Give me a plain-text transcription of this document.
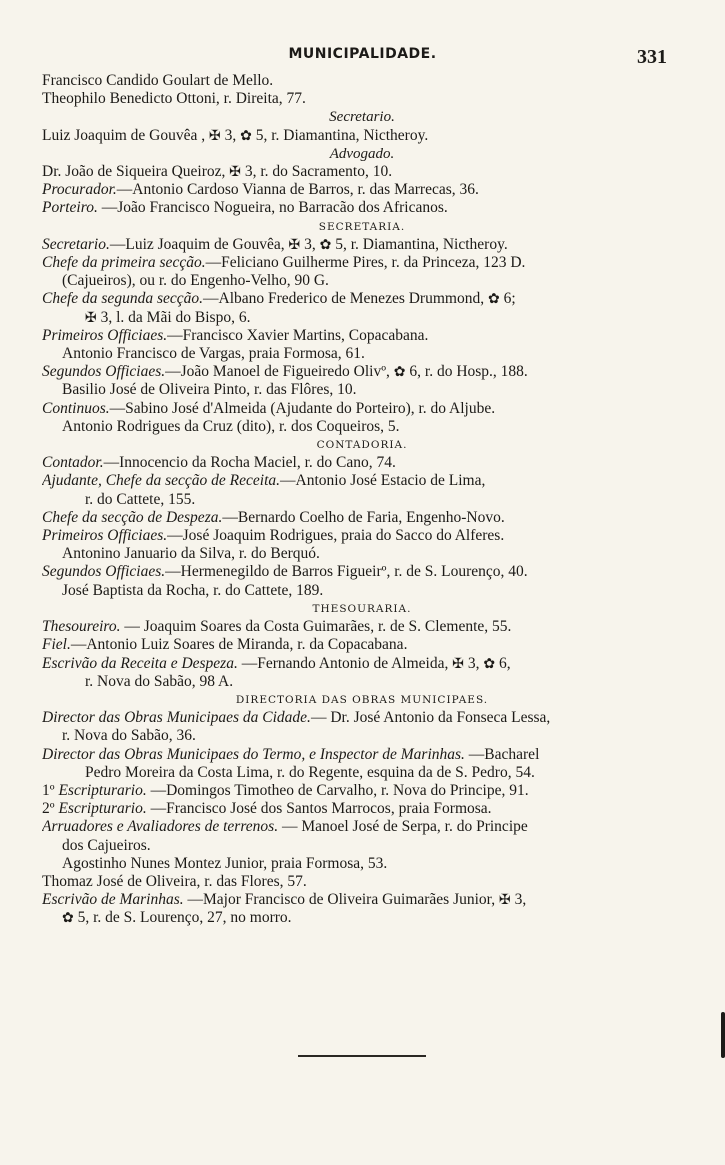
MUNICIPALIDADE.	331
Francisco Candido Goulart de Mello.
Theophilo Benedicto Ottoni, r. Direita, 77.
Secretario.
Luiz Joaquim de Gouvêa , ✠ 3, ✿ 5, r. Diamantina, Nictheroy.
Advogado.
Dr. João de Siqueira Queiroz, ✠ 3, r. do Sacramento, 10.
Procurador.—Antonio Cardoso Vianna de Barros, r. das Marrecas, 36.
Porteiro. —João Francisco Nogueira, no Barracão dos Africanos.
SECRETARIA.
Secretario.—Luiz Joaquim de Gouvêa, ✠ 3, ✿ 5, r. Diamantina, Nictheroy.
Chefe da primeira secção.—Feliciano Guilherme Pires, r. da Princeza, 123 D.
(Cajueiros), ou r. do Engenho-Velho, 90 G.
Chefe da segunda secção.—Albano Frederico de Menezes Drummond, ✿ 6;
✠ 3, l. da Mãi do Bispo, 6.
Primeiros Officiaes.—Francisco Xavier Martins, Copacabana.
Antonio Francisco de Vargas, praia Formosa, 61.
Segundos Officiaes.—João Manoel de Figueiredo Olivº, ✿ 6, r. do Hosp., 188.
Basilio José de Oliveira Pinto, r. das Flôres, 10.
Continuos.—Sabino José d'Almeida (Ajudante do Porteiro), r. do Aljube.
Antonio Rodrigues da Cruz (dito), r. dos Coqueiros, 5.
CONTADORIA.
Contador.—Innocencio da Rocha Maciel, r. do Cano, 74.
Ajudante, Chefe da secção de Receita.—Antonio José Estacio de Lima,
r. do Cattete, 155.
Chefe da secção de Despeza.—Bernardo Coelho de Faria, Engenho-Novo.
Primeiros Officiaes.—José Joaquim Rodrigues, praia do Sacco do Alferes.
Antonino Januario da Silva, r. do Berquó.
Segundos Officiaes.—Hermenegildo de Barros Figueirº, r. de S. Lourenço, 40.
José Baptista da Rocha, r. do Cattete, 189.
THESOURARIA.
Thesoureiro. — Joaquim Soares da Costa Guimarães, r. de S. Clemente, 55.
Fiel.—Antonio Luiz Soares de Miranda, r. da Copacabana.
Escrivão da Receita e Despeza. —Fernando Antonio de Almeida, ✠ 3, ✿ 6,
r. Nova do Sabão, 98 A.
DIRECTORIA DAS OBRAS MUNICIPAES.
Director das Obras Municipaes da Cidade.— Dr. José Antonio da Fonseca Lessa,
r. Nova do Sabão, 36.
Director das Obras Municipaes do Termo, e Inspector de Marinhas. —Bacharel
Pedro Moreira da Costa Lima, r. do Regente, esquina da de S. Pedro, 54.
1º Escripturario. —Domingos Timotheo de Carvalho, r. Nova do Principe, 91.
2º Escripturario. —Francisco José dos Santos Marrocos, praia Formosa.
Arruadores e Avaliadores de terrenos. — Manoel José de Serpa, r. do Principe
dos Cajueiros.
Agostinho Nunes Montez Junior, praia Formosa, 53.
Thomaz José de Oliveira, r. das Flores, 57.
Escrivão de Marinhas. —Major Francisco de Oliveira Guimarães Junior, ✠ 3,
✿ 5, r. de S. Lourenço, 27, no morro.
